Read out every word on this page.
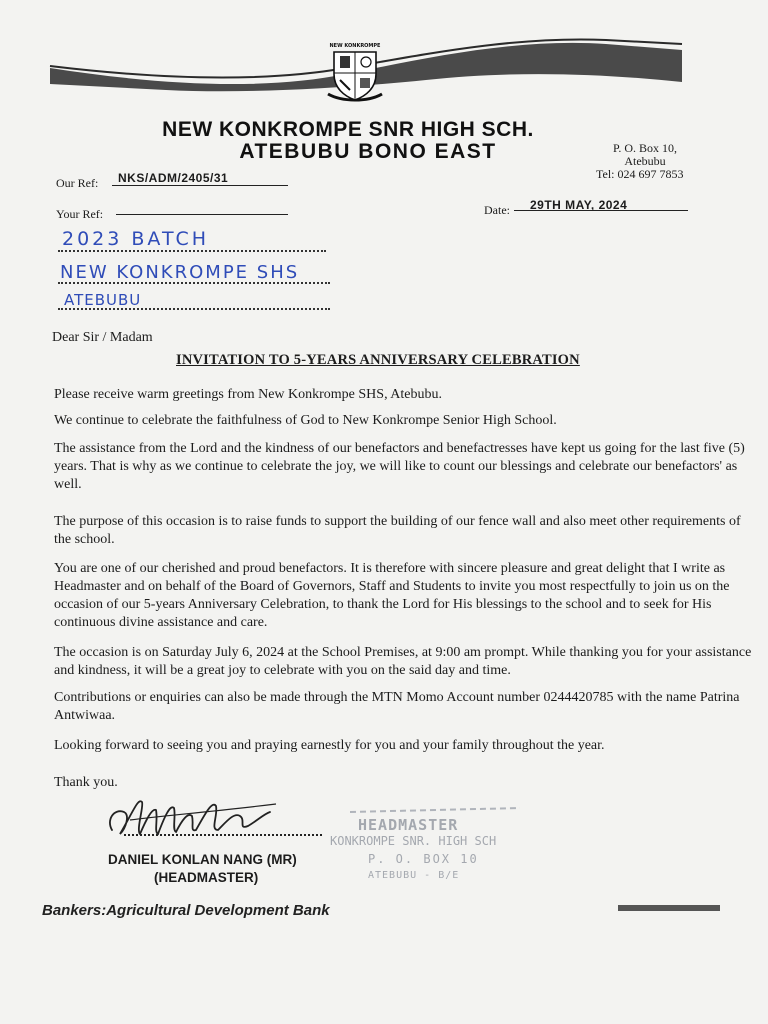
NEW KONKROMPE
NEW KONKROMPE SNR HIGH SCH.
ATEBUBU BONO EAST	P. O. Box 10,
Atebubu
Tel: 024 697 7853
Our Ref: NKS/ADM/2405/31
Your Ref:	Date: 29TH MAY, 2024
2023 BATCH
NEW KONKROMPE SHS
ATEBUBU
Dear Sir / Madam
INVITATION TO 5-YEARS ANNIVERSARY CELEBRATION
Please receive warm greetings from New Konkrompe SHS, Atebubu.
We continue to celebrate the faithfulness of God to New Konkrompe Senior High School.
The assistance from the Lord and the kindness of our benefactors and benefactresses have kept us going for the last five (5) years. That is why as we continue to celebrate the joy, we will like to count our blessings and celebrate our benefactors' as well.
The purpose of this occasion is to raise funds to support the building of our fence wall and also meet other requirements of the school.
You are one of our cherished and proud benefactors. It is therefore with sincere pleasure and great delight that I write as Headmaster and on behalf of the Board of Governors, Staff and Students to invite you most respectfully to join us on the occasion of our 5-years Anniversary Celebration, to thank the Lord for His blessings to the school and to seek for His continuous divine assistance and care.
The occasion is on Saturday July 6, 2024 at the School Premises, at 9:00 am prompt. While thanking you for your assistance and kindness, it will be a great joy to celebrate with you on the said day and time.
Contributions or enquiries can also be made through the MTN Momo Account number 0244420785 with the name Patrina Antwiwaa.
Looking forward to seeing you and praying earnestly for you and your family throughout the year.
Thank you.
DANIEL KONLAN NANG (MR)
(HEADMASTER)
HEADMASTER
KONKROMPE SNR. HIGH SCH
P. O. BOX 10
ATEBUBU - B/E
Bankers:Agricultural Development Bank
